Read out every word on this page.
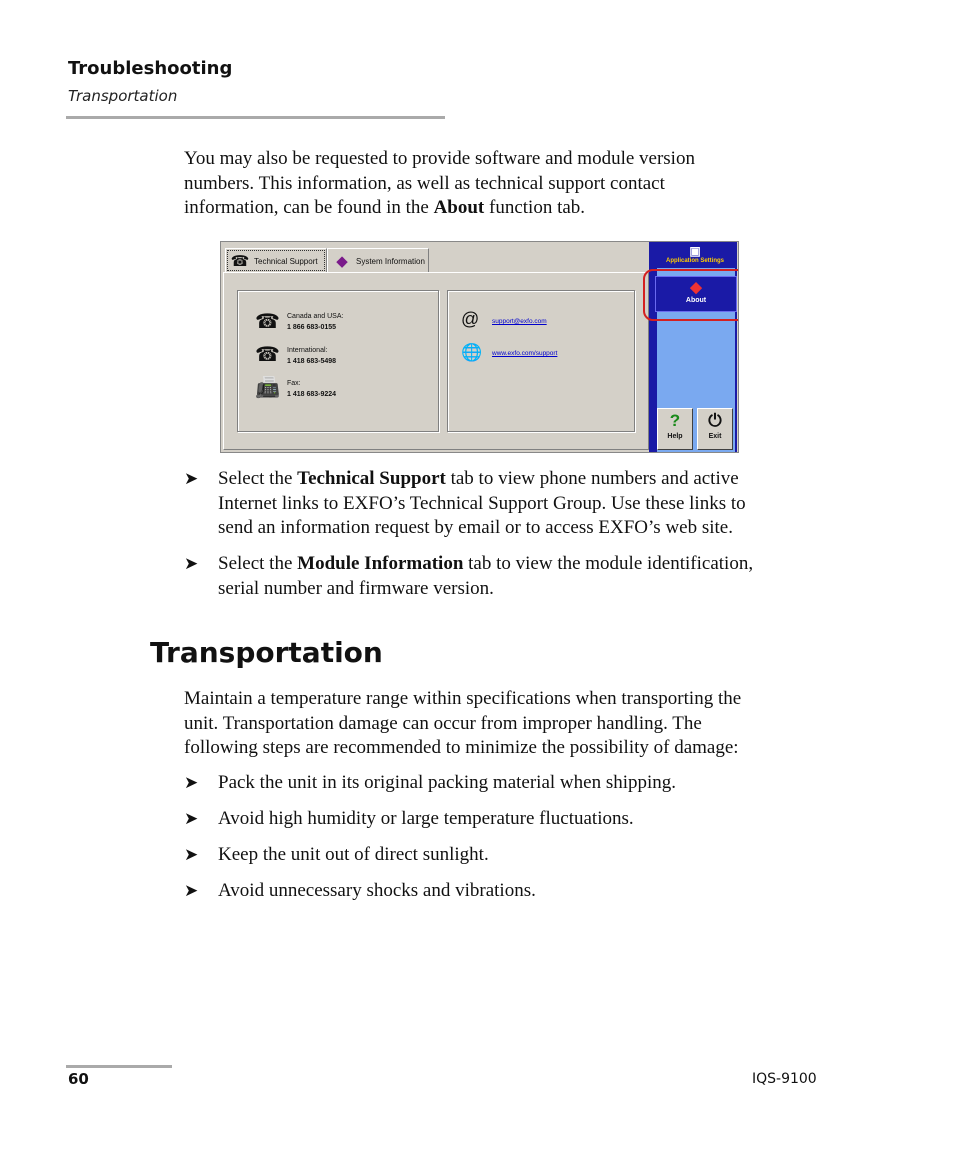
Troubleshooting
Transportation
You may also be requested to provide software and module version
numbers. This information, as well as technical support contact
information, can be found in the About function tab.
☎ Technical Support ◆	System Information
☎ Canada and USA:
1 866 683-0155
☎ International:
1 418 683-5498
📠 Fax:
1 418 683-9224
@ support@exfo.com
🌐 www.exfo.com/support
▣
Application Settings
◆
About
?
Help
⏻
Exit
➤ Select the Technical Support tab to view phone numbers and active
Internet links to EXFO’s Technical Support Group. Use these links to
send an information request by email or to access EXFO’s web site.
➤ Select the Module Information tab to view the module identification,
serial number and firmware version.
Transportation
Maintain a temperature range within specifications when transporting the
unit. Transportation damage can occur from improper handling. The
following steps are recommended to minimize the possibility of damage:
➤ Pack the unit in its original packing material when shipping.
➤ Avoid high humidity or large temperature fluctuations.
➤ Keep the unit out of direct sunlight.
➤ Avoid unnecessary shocks and vibrations.
60	IQS-9100
